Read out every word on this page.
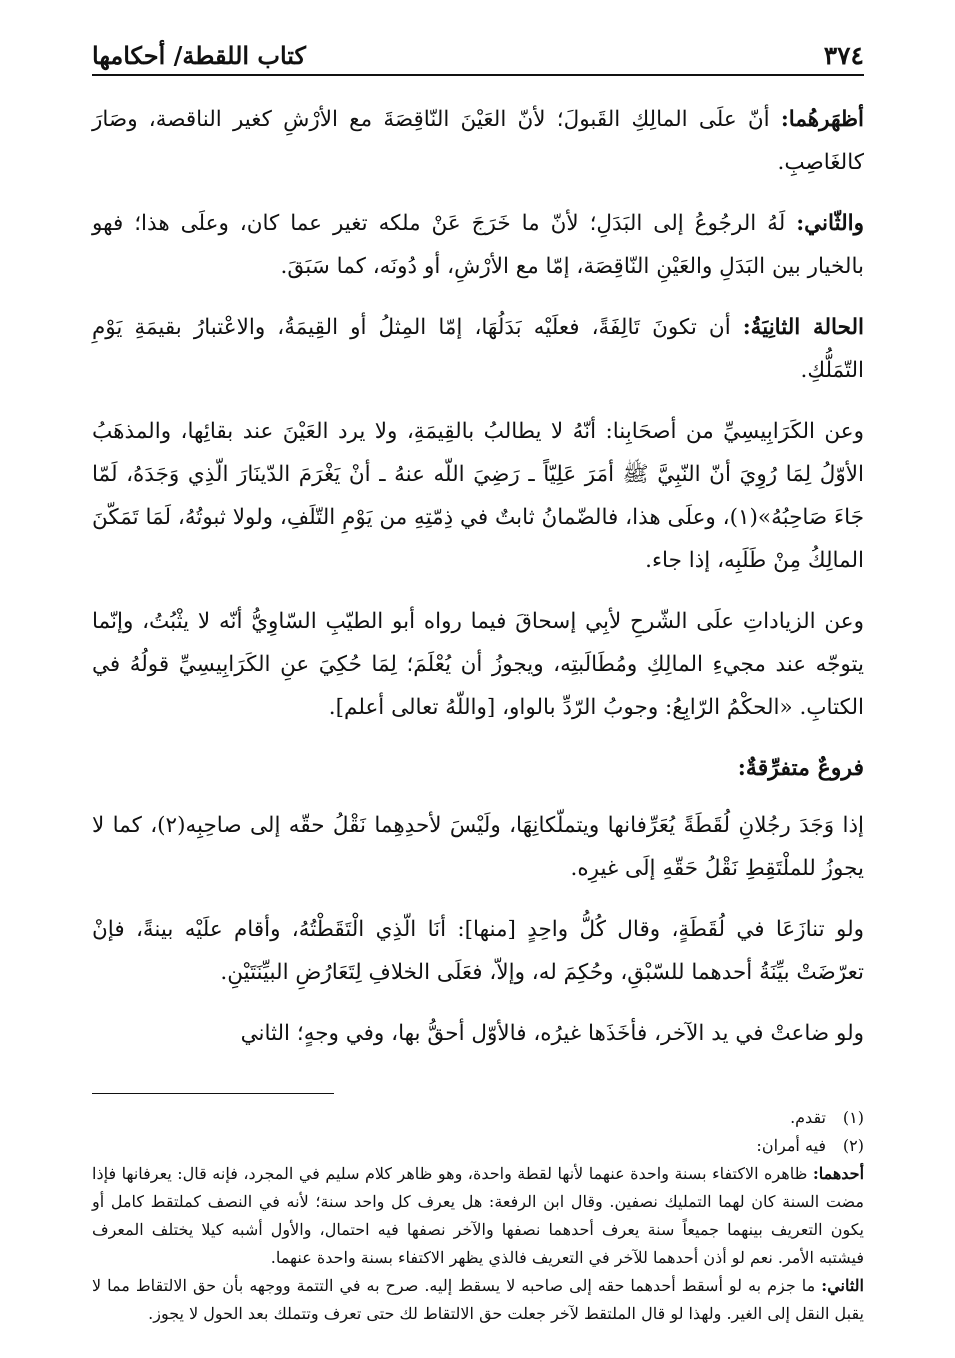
٣٧٤
كتاب اللقطة/ أحكامها

أظهَرهُما: أنّ علَى المالِكِ القَبولَ؛ لأنّ العَيْنَ النّاقِصَةَ مع الأرْشِ كغير الناقصة، وصَارَ كالغَاصِبِ.

والثّاني: لَهُ الرجُوعُ إلى البَدَلِ؛ لأنّ ما خَرَجَ عَنْ ملكه تغير عما كان، وعلَى هذا؛ فهو بالخيار بين البَدَلِ والعَيْنِ النّاقِصَة، إمّا مع الأرْشِ، أو دُونَه، كما سَبَقَ.

الحالة الثانِيَةُ: أن تكونَ تَالِفَةً، فعلَيْه بَدَلُهَا، إمّا المِثلُ أو القِيمَةُ، والاعْتبارُ بقيمَةِ يَوْمِ التّمَلُّكِ.

وعن الكَرَابِيسِيِّ من أصحَابِنا: أنّهُ لا يطالبُ بالقِيمَةِ، ولا يرد العَيْنَ عند بقائِها، والمذهَبُ الأوّلُ لِمَا رُوِيَ أنّ النّبِيَّ ﷺ أمَرَ عَلِيّاً ـ رَضِيَ اللّه عنهُ ـ أنْ يَغْرَمَ الدّينَارَ الّذِي وَجَدَهُ، لَمّا جَاءَ صَاحِبُهُ»(١)، وعلَى هذا، فالضّمانُ ثابتٌ في ذِمّتِهِ من يَوْمِ التّلَفِ، ولولا ثبوتُهُ، لَمَا تَمَكّنَ المالِكُ مِنْ طَلَبِه، إذا جاء.

وعن الزياداتِ علَى الشّرحِ لأبِي إسحاقَ فيما رواه أبو الطيّبِ السّاوِيُّ أنّه لا يثْبُتُ، وإنّما يتوجّه عند مجيءِ المالِكِ ومُطَالَبتِه، ويجوزُ أن يُعْلَمَ؛ لِمَا حُكِيَ عنِ الكَرَابِيسِيِّ قولُهُ في الكتابِ. «الحكْمُ الرّابِعُ: وجوبُ الرّدِّ بالواو، [واللّهُ تعالى أعلم].

فروعٌ متفرِّقةٌ:

إذا وَجَدَ رجُلانِ لُقَطَةً يُعَرِّفانها ويتملّكانِهَا، ولَيْسَ لأحدِهِما نَقْلُ حقّه إلى صاحِبِه(٢)، كما لا يجوزُ للملْتَقِطِ نَقْلُ حَقّهِ إلَى غيرِه.

ولو تنازَعَا في لُقَطَةٍ، وقال كُلُّ واحِدٍ [منها]: أنَا الّذِي الْتَقَطْتُهُ، وأقام علَيْه بينةً، فإنْ تعرّضَتْ بيِّنَةُ أحدهما للسّبْقِ، وحُكِمَ له، وإلاّ، فعَلَى الخلافِ لِتَعَارُضِ البيِّنَتَيْنِ.

ولو ضاعتْ في يد الآخر، فأخَذَها غيرُه، فالأوّل أحقُّ بها، وفي وجهٍ؛ الثاني

(١)تقدم.

(٢)فيه أمران:

أحدهما: ظاهره الاكتفاء بسنة واحدة عنهما لأنها لقطة واحدة، وهو ظاهر كلام سليم في المجرد، فإنه قال: يعرفانها فإذا مضت السنة كان لهما التمليك نصفين. وقال ابن الرفعة: هل يعرف كل واحد سنة؛ لأنه في النصف كملتقط كامل أو يكون التعريف بينهما جميعاً سنة يعرف أحدهما نصفها والآخر نصفها فيه احتمال، والأول أشبه كيلا يختلف المعرف فيشتبه الأمر. نعم لو أذن أحدهما للآخر في التعريف فالذي يظهر الاكتفاء بسنة واحدة عنهما.

الثاني: ما جزم به لو أسقط أحدهما حقه إلى صاحبه لا يسقط إليه. صرح به في التتمة ووجهه بأن حق الالتقاط مما لا يقبل النقل إلى الغير. ولهذا لو قال الملتقط لآخر جعلت حق الالتقاط لك حتى تعرف وتتملك بعد الحول لا يجوز.
